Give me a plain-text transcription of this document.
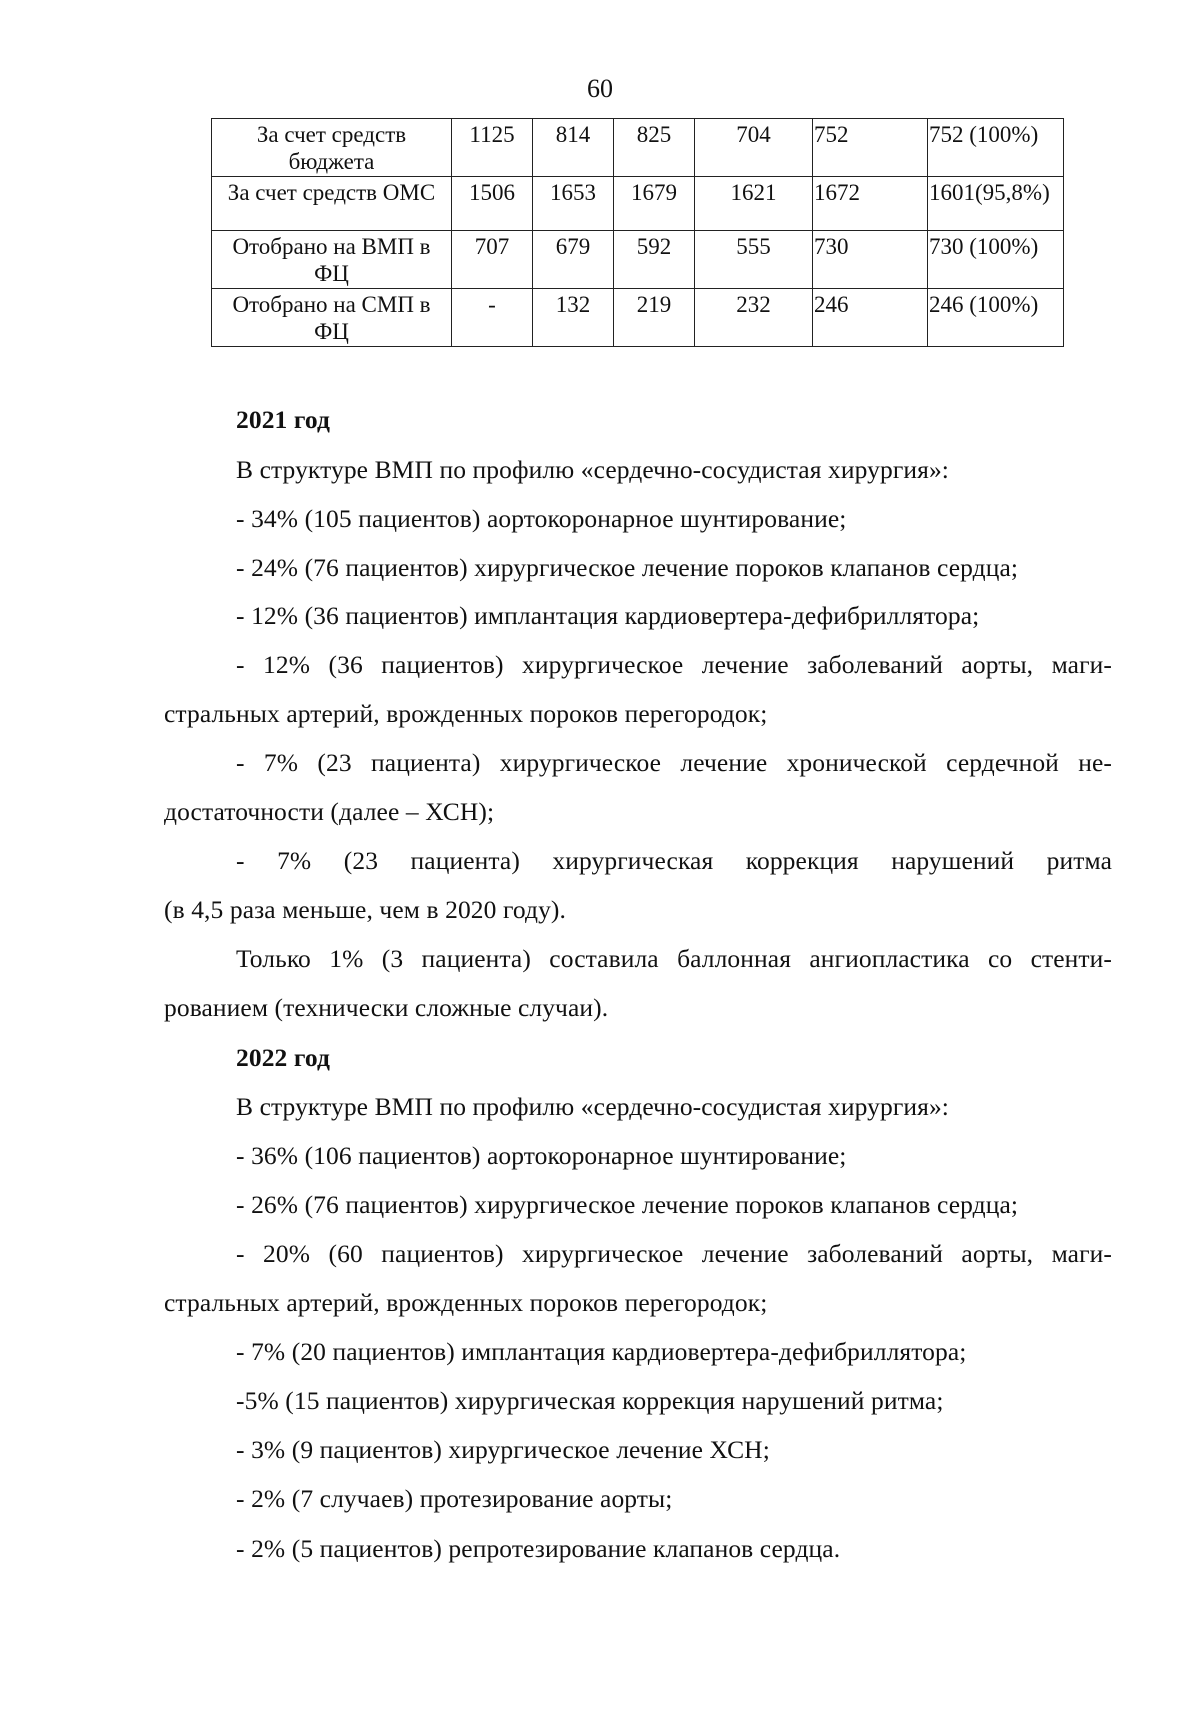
60
За счет средств бюджета	1125	814	825	704	752	752 (100%)
За счет средств ОМС	1506	1653	1679	1621	1672	1601(95,8%)
Отобрано на ВМП в ФЦ	707	679	592	555	730	730 (100%)
Отобрано на СМП в ФЦ	-	132	219	232	246	246 (100%)
2021 год
В структуре ВМП по профилю «сердечно-сосудистая хирургия»:
- 34% (105 пациентов) аортокоронарное шунтирование;
- 24% (76 пациентов) хирургическое лечение пороков клапанов сердца;
- 12% (36 пациентов) имплантация кардиовертера-дефибриллятора;
- 12% (36 пациентов) хирургическое лечение заболеваний аорты, маги-
стральных артерий, врожденных пороков перегородок;
- 7% (23 пациента) хирургическое лечение хронической сердечной не-
достаточности (далее – ХСН);
- 7% (23 пациента) хирургическая коррекция нарушений ритма
(в 4,5 раза меньше, чем в 2020 году).
Только 1% (3 пациента) составила баллонная ангиопластика со стенти-
рованием (технически сложные случаи).
2022 год
В структуре ВМП по профилю «сердечно-сосудистая хирургия»:
- 36% (106 пациентов) аортокоронарное шунтирование;
- 26% (76 пациентов) хирургическое лечение пороков клапанов сердца;
- 20% (60 пациентов) хирургическое лечение заболеваний аорты, маги-
стральных артерий, врожденных пороков перегородок;
- 7% (20 пациентов) имплантация кардиовертера-дефибриллятора;
-5% (15 пациентов) хирургическая коррекция нарушений ритма;
- 3% (9 пациентов) хирургическое лечение ХСН;
- 2% (7 случаев) протезирование аорты;
- 2% (5 пациентов) репротезирование клапанов сердца.
